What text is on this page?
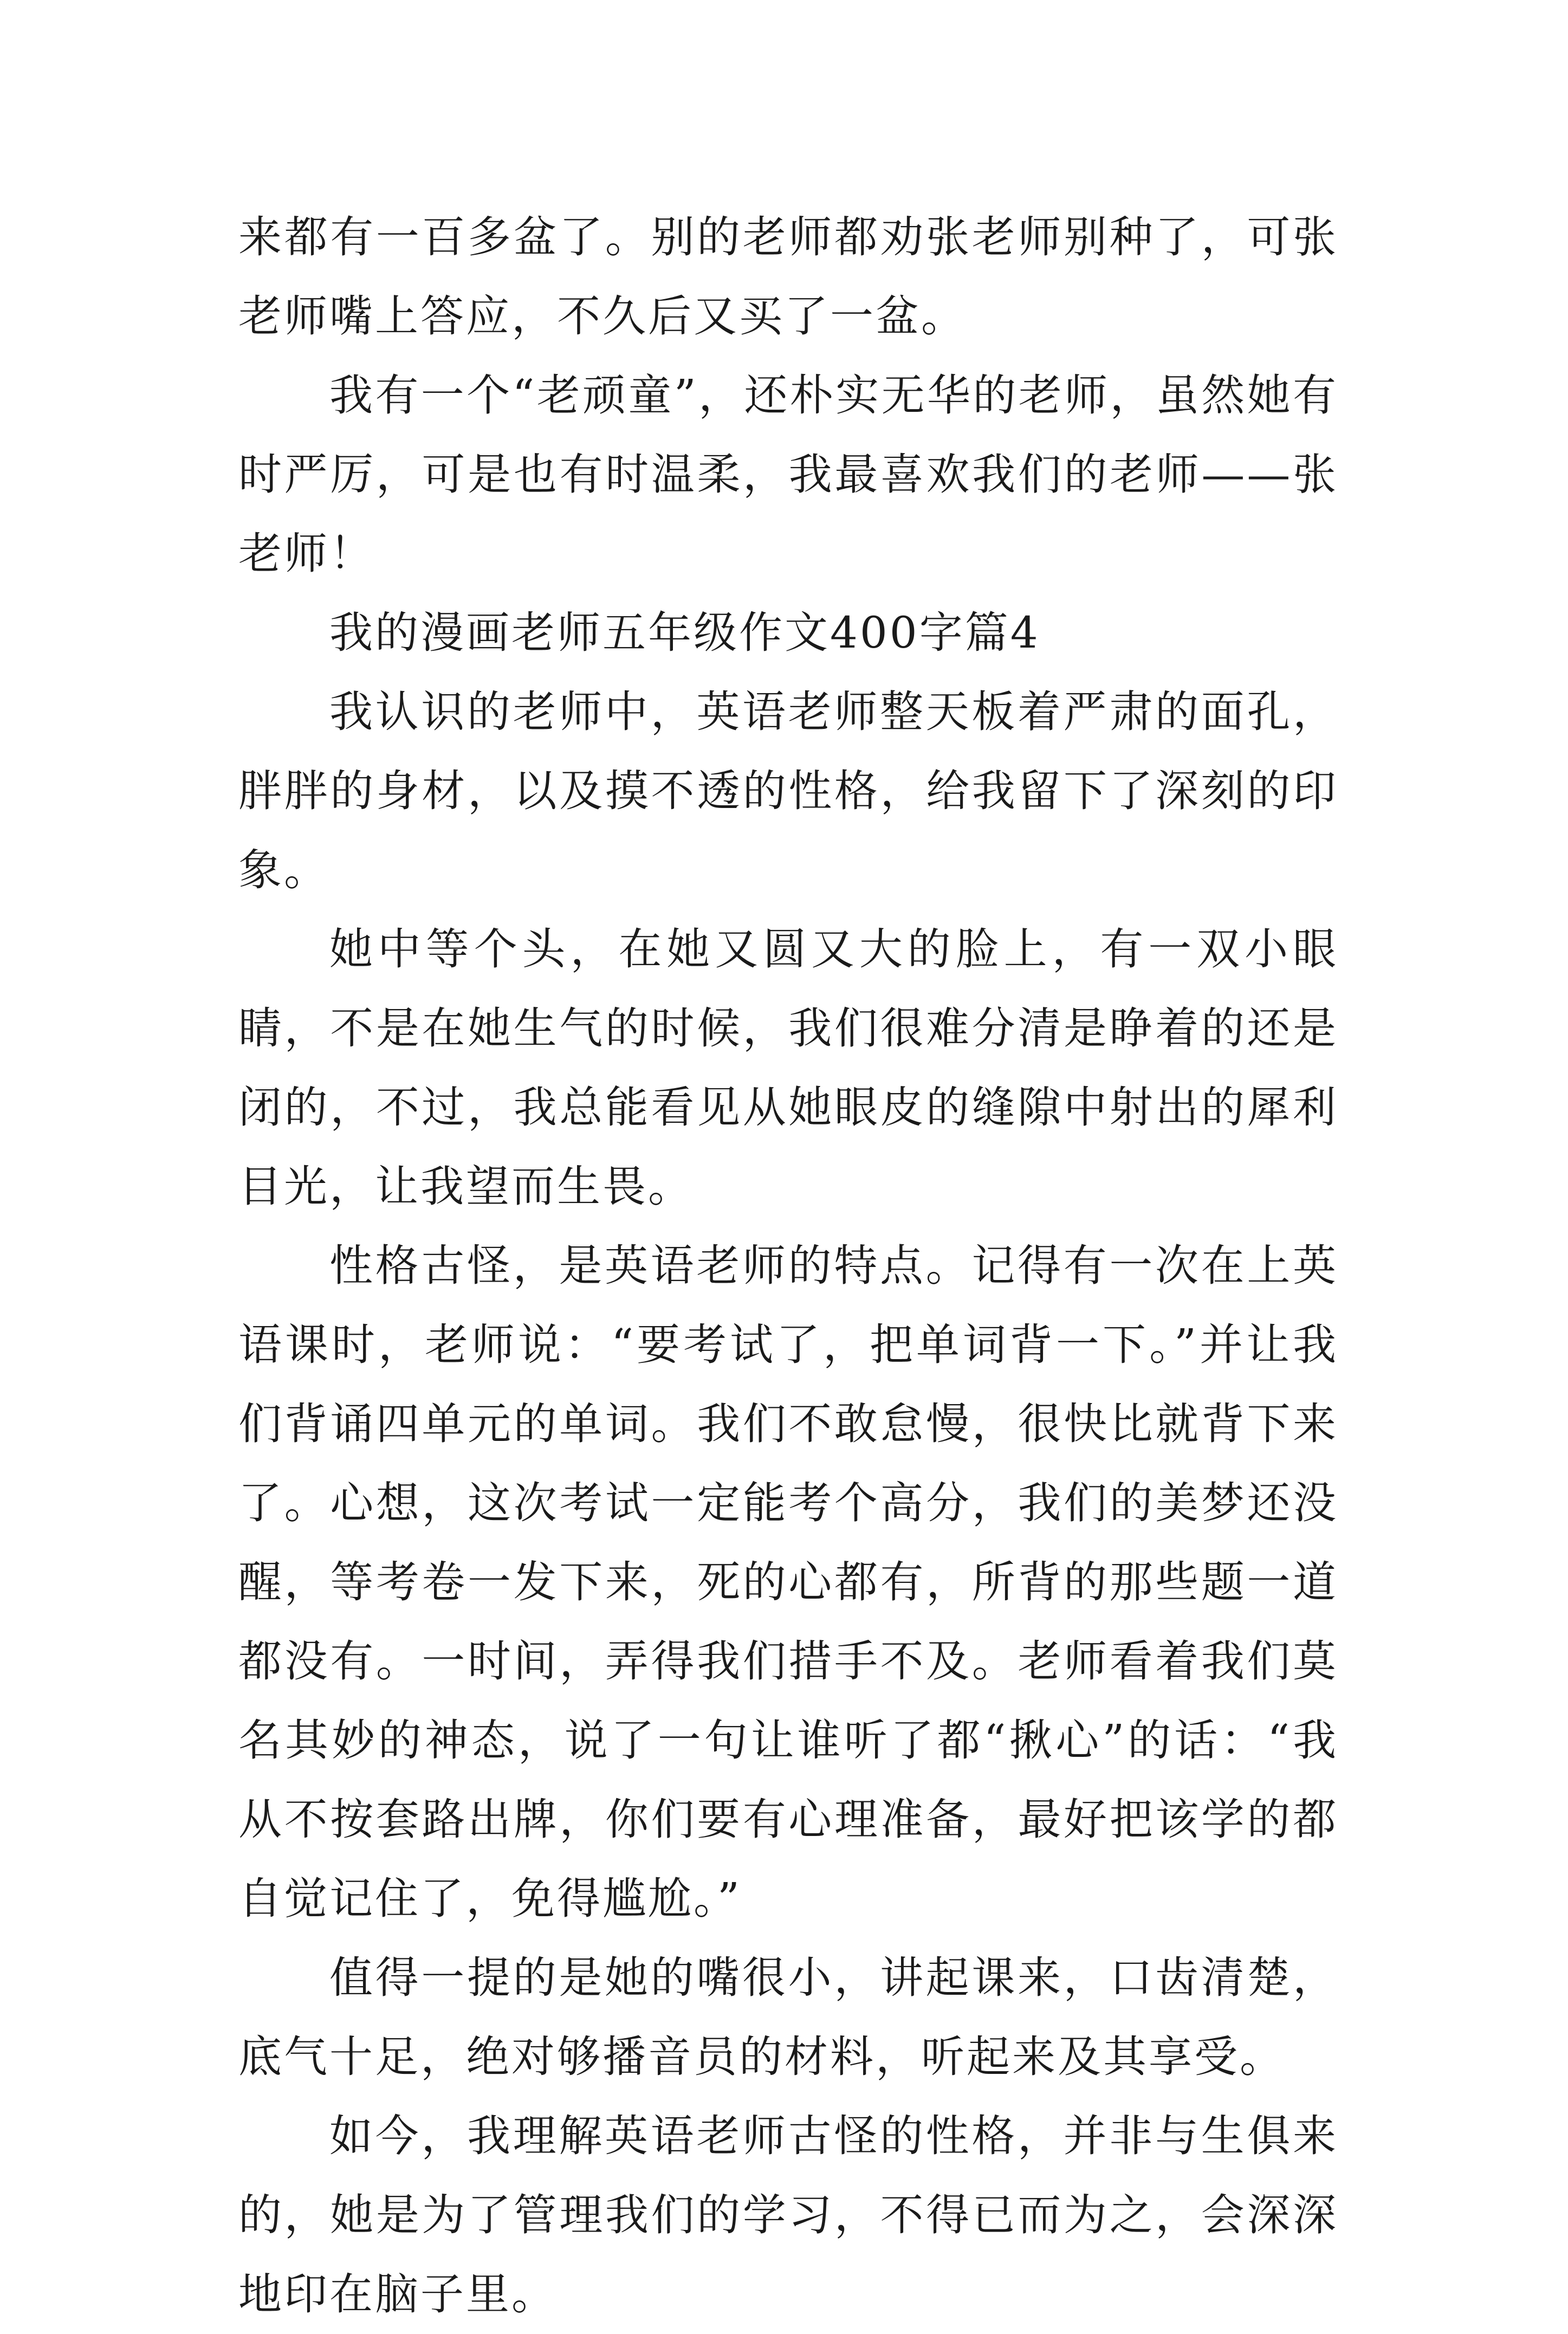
来都有一百多盆了。别的老师都劝张老师别种了，可张老师嘴上答应，不久后又买了一盆。

我有一个“老顽童”，还朴实无华的老师，虽然她有时严厉，可是也有时温柔，我最喜欢我们的老师——张老师！

我的漫画老师五年级作文400字篇4

我认识的老师中，英语老师整天板着严肃的面孔，胖胖的身材，以及摸不透的性格，给我留下了深刻的印象。

她中等个头，在她又圆又大的脸上，有一双小眼睛，不是在她生气的时候，我们很难分清是睁着的还是闭的，不过，我总能看见从她眼皮的缝隙中射出的犀利目光，让我望而生畏。

性格古怪，是英语老师的特点。记得有一次在上英语课时，老师说：“要考试了，把单词背一下。”并让我们背诵四单元的单词。我们不敢怠慢，很快比就背下来了。心想，这次考试一定能考个高分，我们的美梦还没醒，等考卷一发下来，死的心都有，所背的那些题一道都没有。一时间，弄得我们措手不及。老师看着我们莫名其妙的神态，说了一句让谁听了都“揪心”的话：“我从不按套路出牌，你们要有心理准备，最好把该学的都自觉记住了，免得尴尬。”

值得一提的是她的嘴很小，讲起课来，口齿清楚，底气十足，绝对够播音员的材料，听起来及其享受。

如今，我理解英语老师古怪的性格，并非与生俱来的，她是为了管理我们的学习，不得已而为之，会深深地印在脑子里。
